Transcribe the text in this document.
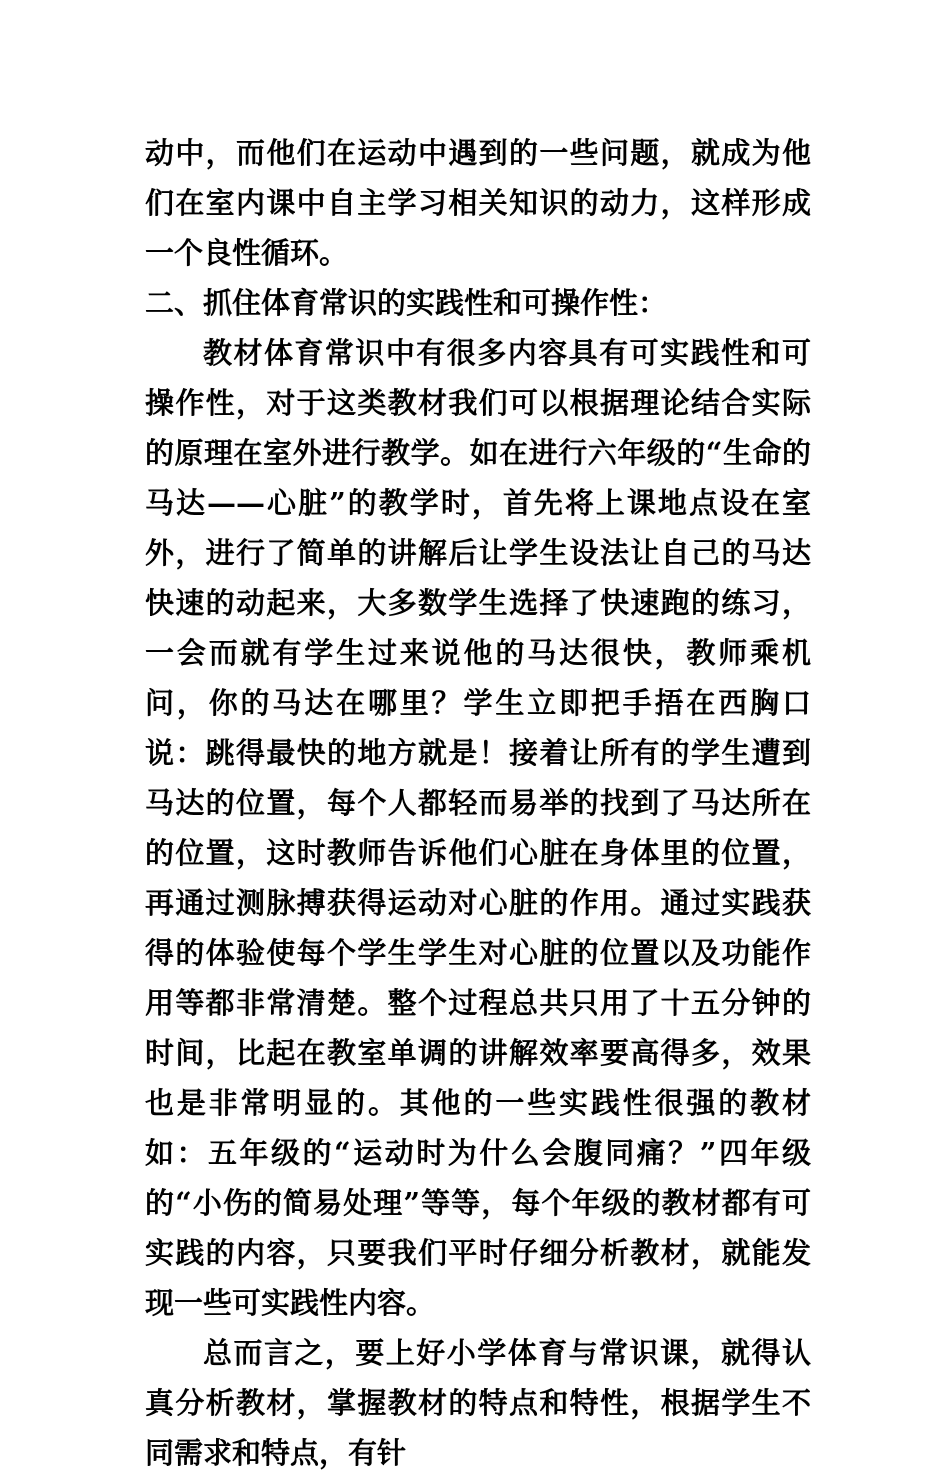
动中，而他们在运动中遇到的一些问题，就成为他们在室内课中自主学习相关知识的动力，这样形成一个良性循环。

二、抓住体育常识的实践性和可操作性：

教材体育常识中有很多内容具有可实践性和可操作性，对于这类教材我们可以根据理论结合实际的原理在室外进行教学。如在进行六年级的“生命的马达——心脏”的教学时，首先将上课地点设在室外，进行了简单的讲解后让学生设法让自己的马达快速的动起来，大多数学生选择了快速跑的练习，一会而就有学生过来说他的马达很快，教师乘机问，你的马达在哪里？学生立即把手捂在西胸口说：跳得最快的地方就是！接着让所有的学生遭到马达的位置，每个人都轻而易举的找到了马达所在的位置，这时教师告诉他们心脏在身体里的位置，再通过测脉搏获得运动对心脏的作用。通过实践获得的体验使每个学生学生对心脏的位置以及功能作用等都非常清楚。整个过程总共只用了十五分钟的时间，比起在教室单调的讲解效率要高得多，效果也是非常明显的。其他的一些实践性很强的教材如：五年级的“运动时为什么会腹同痛？”四年级的“小伤的简易处理”等等，每个年级的教材都有可实践的内容，只要我们平时仔细分析教材，就能发现一些可实践性内容。

总而言之，要上好小学体育与常识课，就得认真分析教材，掌握教材的特点和特性，根据学生不同需求和特点，有针
